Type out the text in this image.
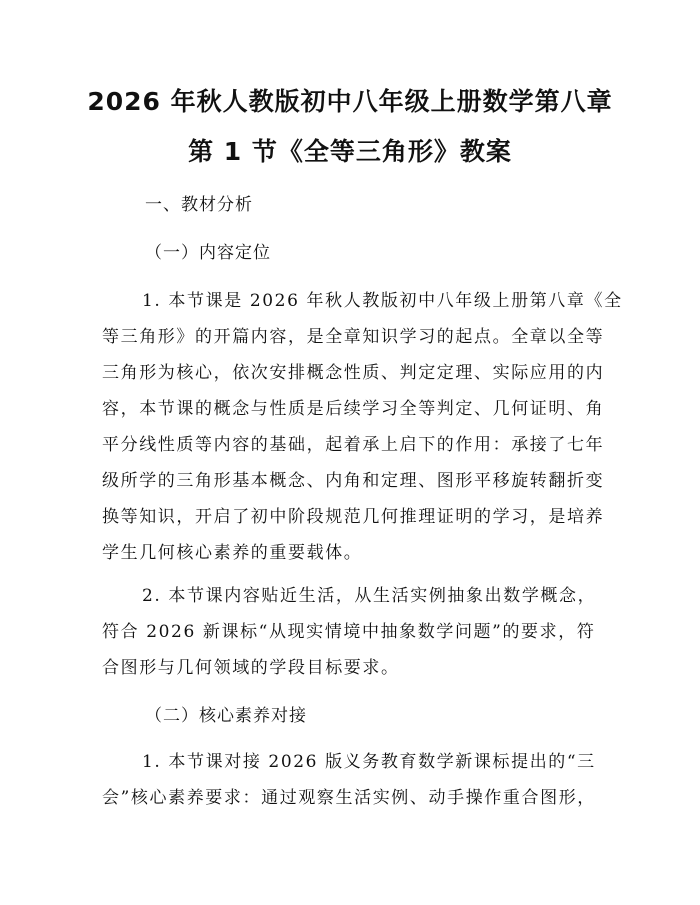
2026 年秋人教版初中八年级上册数学第八章
第 1 节《全等三角形》教案
一、教材分析
（一）内容定位
1. 本节课是 2026 年秋人教版初中八年级上册第八章《全
等三角形》的开篇内容，是全章知识学习的起点。全章以全等
三角形为核心，依次安排概念性质、判定定理、实际应用的内
容，本节课的概念与性质是后续学习全等判定、几何证明、角
平分线性质等内容的基础，起着承上启下的作用：承接了七年
级所学的三角形基本概念、内角和定理、图形平移旋转翻折变
换等知识，开启了初中阶段规范几何推理证明的学习，是培养
学生几何核心素养的重要载体。
2. 本节课内容贴近生活，从生活实例抽象出数学概念，
符合 2026 新课标“从现实情境中抽象数学问题”的要求，符
合图形与几何领域的学段目标要求。
（二）核心素养对接
1. 本节课对接 2026 版义务教育数学新课标提出的“三
会”核心素养要求：通过观察生活实例、动手操作重合图形，
